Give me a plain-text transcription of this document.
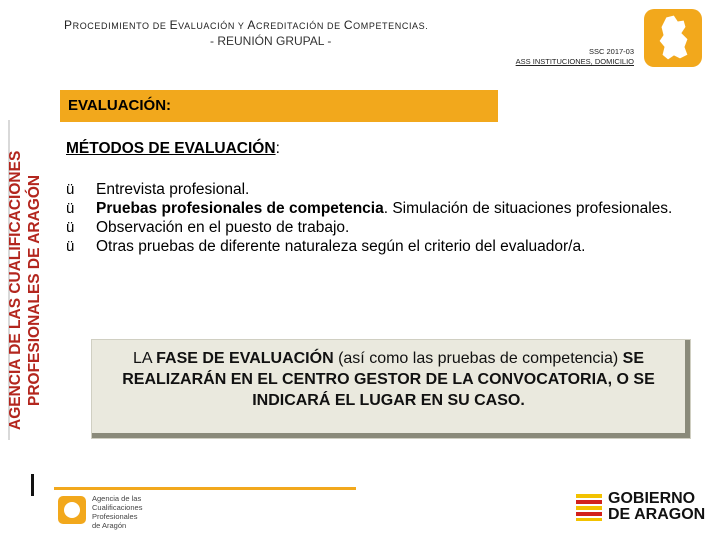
PROCEDIMIENTO DE EVALUACIÓN Y ACREDITACIÓN DE COMPETENCIAS.
- REUNIÓN GRUPAL -
SSC 2017-03
ASS INSTITUCIONES, DOMICILIO
AGENCIA DE LAS CUALIFICACIONES PROFESIONALES DE ARAGÓN
EVALUACIÓN:
MÉTODOS DE EVALUACIÓN:
ü	Entrevista profesional.
ü	Pruebas profesionales de competencia. Simulación de situaciones profesionales.
ü	Observación en el puesto de trabajo.
ü	Otras pruebas de diferente naturaleza según el criterio del evaluador/a.
LA FASE DE EVALUACIÓN (así como las pruebas de competencia) SE REALIZARÁN EN EL CENTRO GESTOR DE LA CONVOCATORIA, O SE INDICARÁ EL LUGAR EN SU CASO.
Agencia de las
Cualificaciones
Profesionales
de Aragón
GOBIERNO
DE ARAGON
